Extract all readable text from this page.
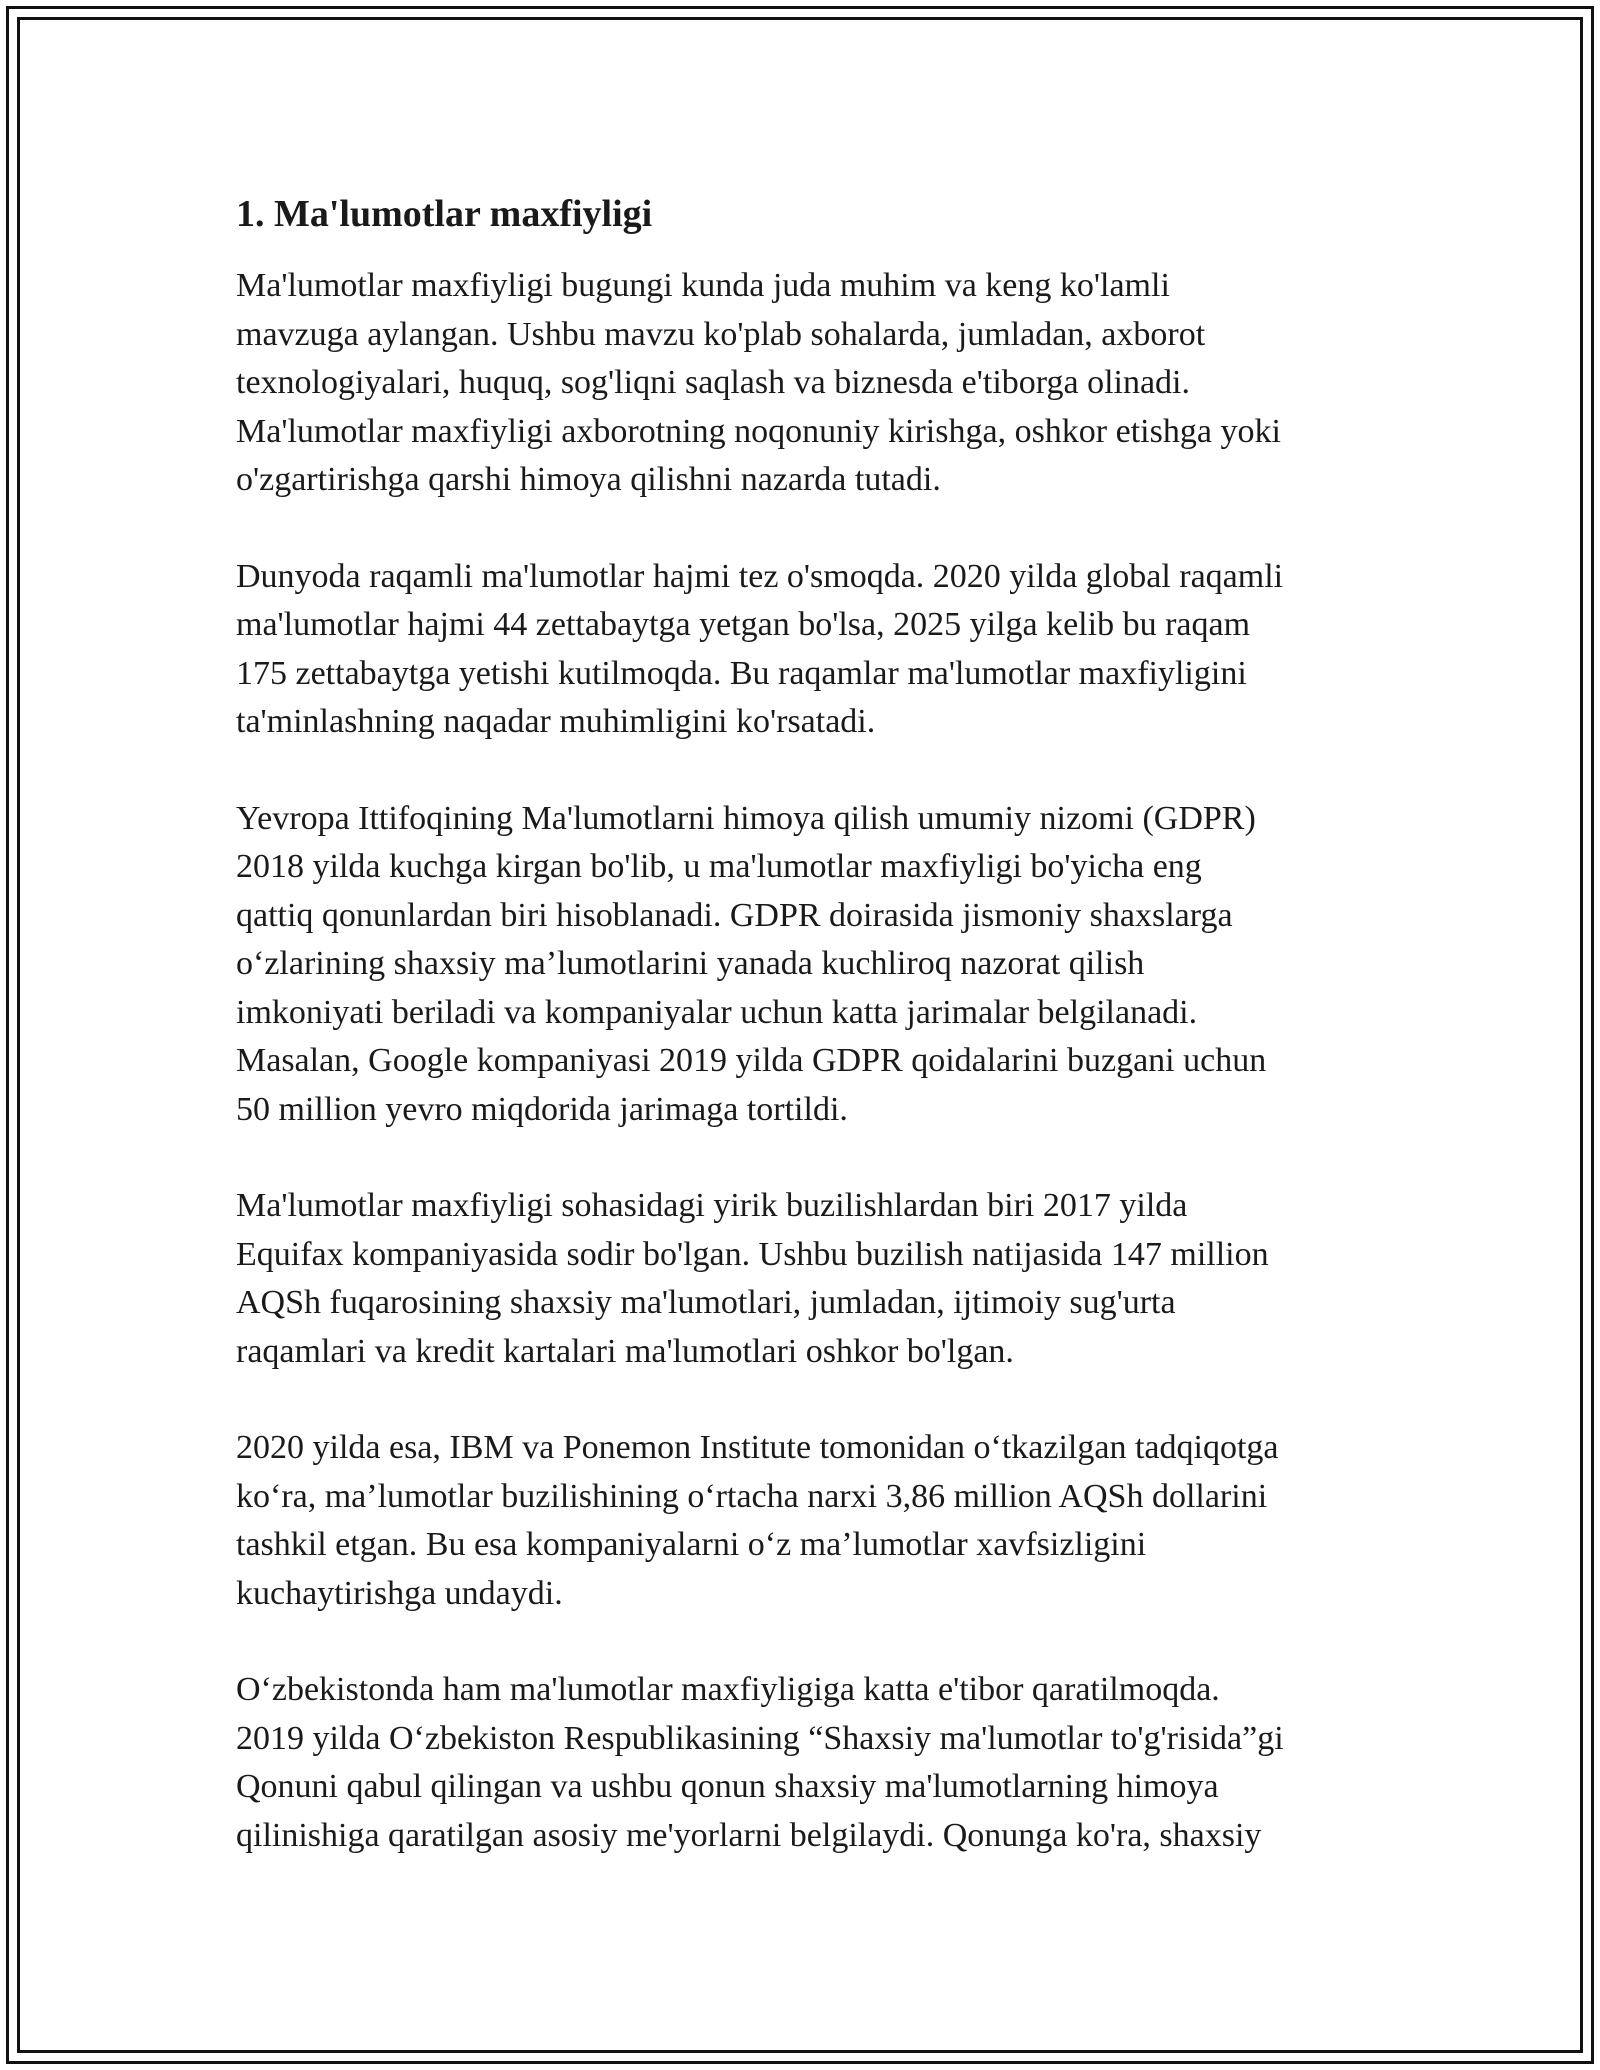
1. Ma'lumotlar maxfiyligi
Ma'lumotlar maxfiyligi bugungi kunda juda muhim va keng ko'lamli
mavzuga aylangan. Ushbu mavzu ko'plab sohalarda, jumladan, axborot
texnologiyalari, huquq, sog'liqni saqlash va biznesda e'tiborga olinadi.
Ma'lumotlar maxfiyligi axborotning noqonuniy kirishga, oshkor etishga yoki
o'zgartirishga qarshi himoya qilishni nazarda tutadi.
Dunyoda raqamli ma'lumotlar hajmi tez o'smoqda. 2020 yilda global raqamli
ma'lumotlar hajmi 44 zettabaytga yetgan bo'lsa, 2025 yilga kelib bu raqam
175 zettabaytga yetishi kutilmoqda. Bu raqamlar ma'lumotlar maxfiyligini
ta'minlashning naqadar muhimligini ko'rsatadi.
Yevropa Ittifoqining Ma'lumotlarni himoya qilish umumiy nizomi (GDPR)
2018 yilda kuchga kirgan bo'lib, u ma'lumotlar maxfiyligi bo'yicha eng
qattiq qonunlardan biri hisoblanadi. GDPR doirasida jismoniy shaxslarga
o‘zlarining shaxsiy ma’lumotlarini yanada kuchliroq nazorat qilish
imkoniyati beriladi va kompaniyalar uchun katta jarimalar belgilanadi.
Masalan, Google kompaniyasi 2019 yilda GDPR qoidalarini buzgani uchun
50 million yevro miqdorida jarimaga tortildi.
Ma'lumotlar maxfiyligi sohasidagi yirik buzilishlardan biri 2017 yilda
Equifax kompaniyasida sodir bo'lgan. Ushbu buzilish natijasida 147 million
AQSh fuqarosining shaxsiy ma'lumotlari, jumladan, ijtimoiy sug'urta
raqamlari va kredit kartalari ma'lumotlari oshkor bo'lgan.
2020 yilda esa, IBM va Ponemon Institute tomonidan o‘tkazilgan tadqiqotga
ko‘ra, ma’lumotlar buzilishining o‘rtacha narxi 3,86 million AQSh dollarini
tashkil etgan. Bu esa kompaniyalarni o‘z ma’lumotlar xavfsizligini
kuchaytirishga undaydi.
O‘zbekistonda ham ma'lumotlar maxfiyligiga katta e'tibor qaratilmoqda.
2019 yilda O‘zbekiston Respublikasining “Shaxsiy ma'lumotlar to'g'risida”gi
Qonuni qabul qilingan va ushbu qonun shaxsiy ma'lumotlarning himoya
qilinishiga qaratilgan asosiy me'yorlarni belgilaydi. Qonunga ko'ra, shaxsiy
